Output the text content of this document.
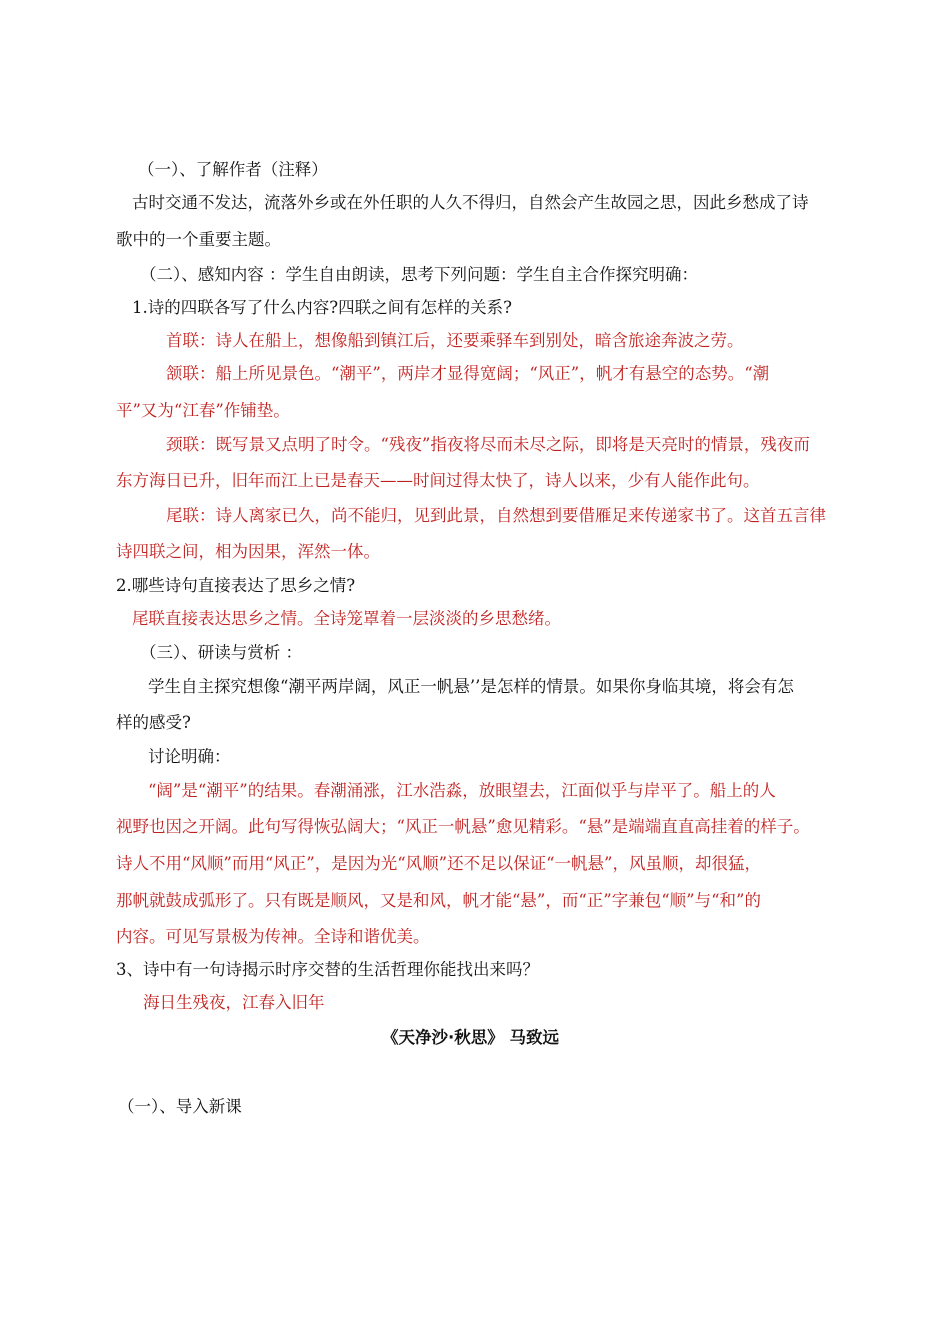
（一）、了解作者（注释）
古时交通不发达，流落外乡或在外任职的人久不得归，自然会产生故园之思，因此乡愁成了诗
歌中的一个重要主题。
（二）、感知内容 ：学生自由朗读，思考下列问题：学生自主合作探究明确：
1.诗的四联各写了什么内容?四联之间有怎样的关系?
首联：诗人在船上，想像船到镇江后，还要乘驿车到别处，暗含旅途奔波之劳。
颔联：船上所见景色。“潮平”，两岸才显得宽阔；“风正”，帆才有悬空的态势。“潮
平”又为“江春”作铺垫。
颈联：既写景又点明了时令。“残夜”指夜将尽而未尽之际，即将是天亮时的情景，残夜而
东方海日已升，旧年而江上已是春天——时间过得太快了，诗人以来，少有人能作此句。
尾联：诗人离家已久，尚不能归，见到此景，自然想到要借雁足来传递家书了。这首五言律
诗四联之间，相为因果，浑然一体。
2.哪些诗句直接表达了思乡之情?
尾联直接表达思乡之情。全诗笼罩着一层淡淡的乡思愁绪。
（三）、研读与赏析 ：
学生自主探究想像“潮平两岸阔，风正一帆悬’’是怎样的情景。如果你身临其境，将会有怎
样的感受?
讨论明确：
“阔”是“潮平”的结果。春潮涌涨，江水浩淼，放眼望去，江面似乎与岸平了。船上的人
视野也因之开阔。此句写得恢弘阔大；“风正一帆悬”愈见精彩。“悬”是端端直直高挂着的样子。
诗人不用“风顺”而用“风正”，是因为光“风顺”还不足以保证“一帆悬”，风虽顺，却很猛，
那帆就鼓成弧形了。只有既是顺风，又是和风，帆才能“悬”，而“正”字兼包“顺”与“和”的
内容。可见写景极为传神。全诗和谐优美。
3、诗中有一句诗揭示时序交替的生活哲理你能找出来吗？
海日生残夜，江春入旧年
《天净沙·秋思》 马致远
（一）、导入新课
